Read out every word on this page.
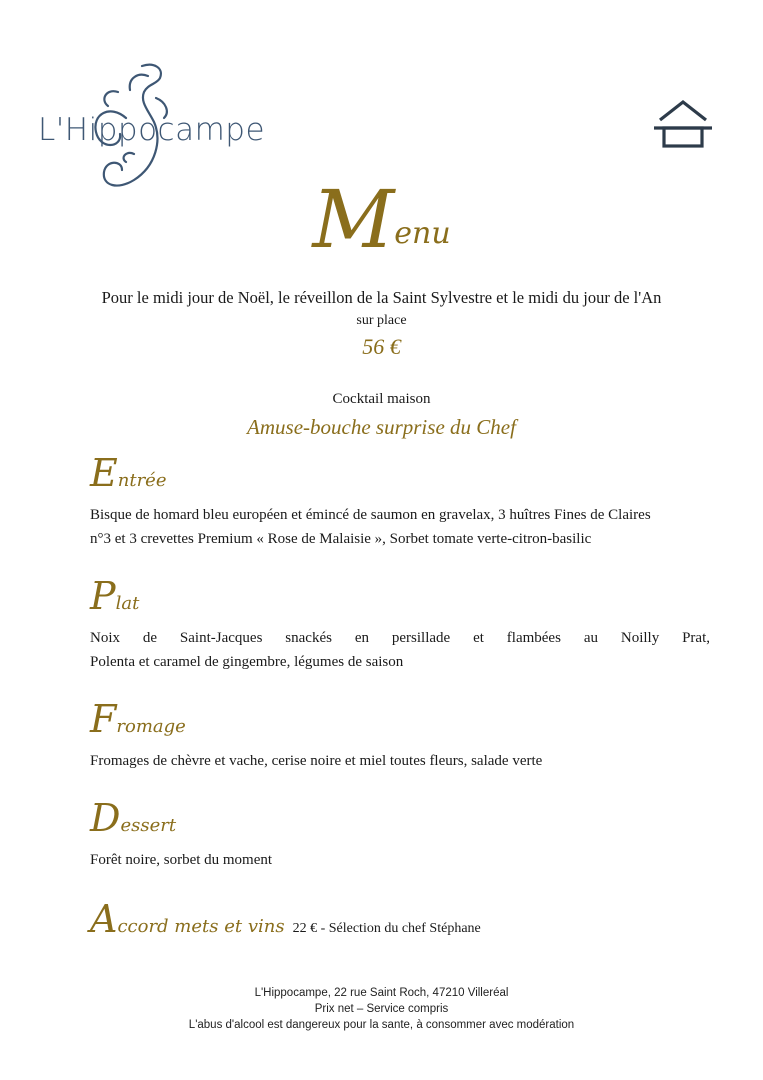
L'Hippocampe
Menu
Pour le midi jour de Noël, le réveillon de la Saint Sylvestre et le midi du jour de l'An
sur place
56 €
Cocktail maison
Amuse-bouche surprise du Chef
Entrée
Bisque de homard bleu européen et émincé de saumon en gravelax, 3 huîtres Fines de Claires
n°3 et 3 crevettes Premium « Rose de Malaisie », Sorbet tomate verte-citron-basilic
Plat
Noix de Saint-Jacques snackés en persillade et flambées au Noilly Prat,
Polenta et caramel de gingembre, légumes de saison
Fromage
Fromages de chèvre et vache, cerise noire et miel toutes fleurs, salade verte
Dessert
Forêt noire, sorbet du moment
Accord mets et vins 22 € - Sélection du chef Stéphane
L'Hippocampe, 22 rue Saint Roch, 47210 Villeréal
Prix net – Service compris
L'abus d'alcool est dangereux pour la sante, à consommer avec modération
